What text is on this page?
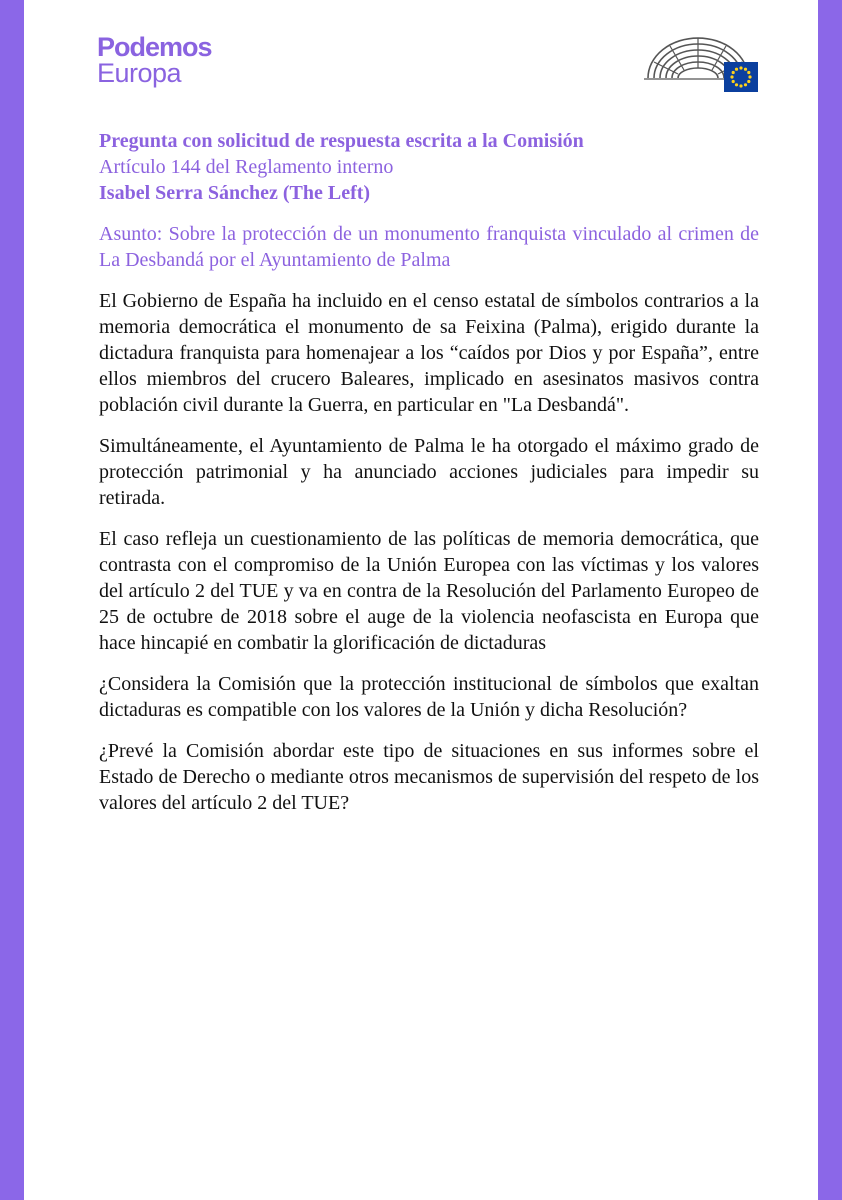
Podemos
Europa

Pregunta con solicitud de respuesta escrita a la Comisión

Artículo 144 del Reglamento interno

Isabel Serra Sánchez (The Left)

Asunto: Sobre la protección de un monumento franquista vinculado al crimen de La Desbandá por el Ayuntamiento de Palma

El Gobierno de España ha incluido en el censo estatal de símbolos contrarios a la memoria democrática el monumento de sa Feixina (Palma), erigido durante la dictadura franquista para homenajear a los “caídos por Dios y por España”, entre ellos miembros del crucero Baleares, implicado en asesinatos masivos contra población civil durante la Guerra, en particular en "La Desbandá".

Simultáneamente, el Ayuntamiento de Palma le ha otorgado el máximo grado de protección patrimonial y ha anunciado acciones judiciales para impedir su retirada.

El caso refleja un cuestionamiento de las políticas de memoria democrática, que contrasta con el compromiso de la Unión Europea con las víctimas y los valores del artículo 2 del TUE y va en contra de la Resolución del Parlamento Europeo de 25 de octubre de 2018 sobre el auge de la violencia neofascista en Europa que hace hincapié en combatir la glorificación de dictaduras

¿Considera la Comisión que la protección institucional de símbolos que exaltan dictaduras es compatible con los valores de la Unión y dicha Resolución?

¿Prevé la Comisión abordar este tipo de situaciones en sus informes sobre el Estado de Derecho o mediante otros mecanismos de supervisión del respeto de los valores del artículo 2 del TUE?
